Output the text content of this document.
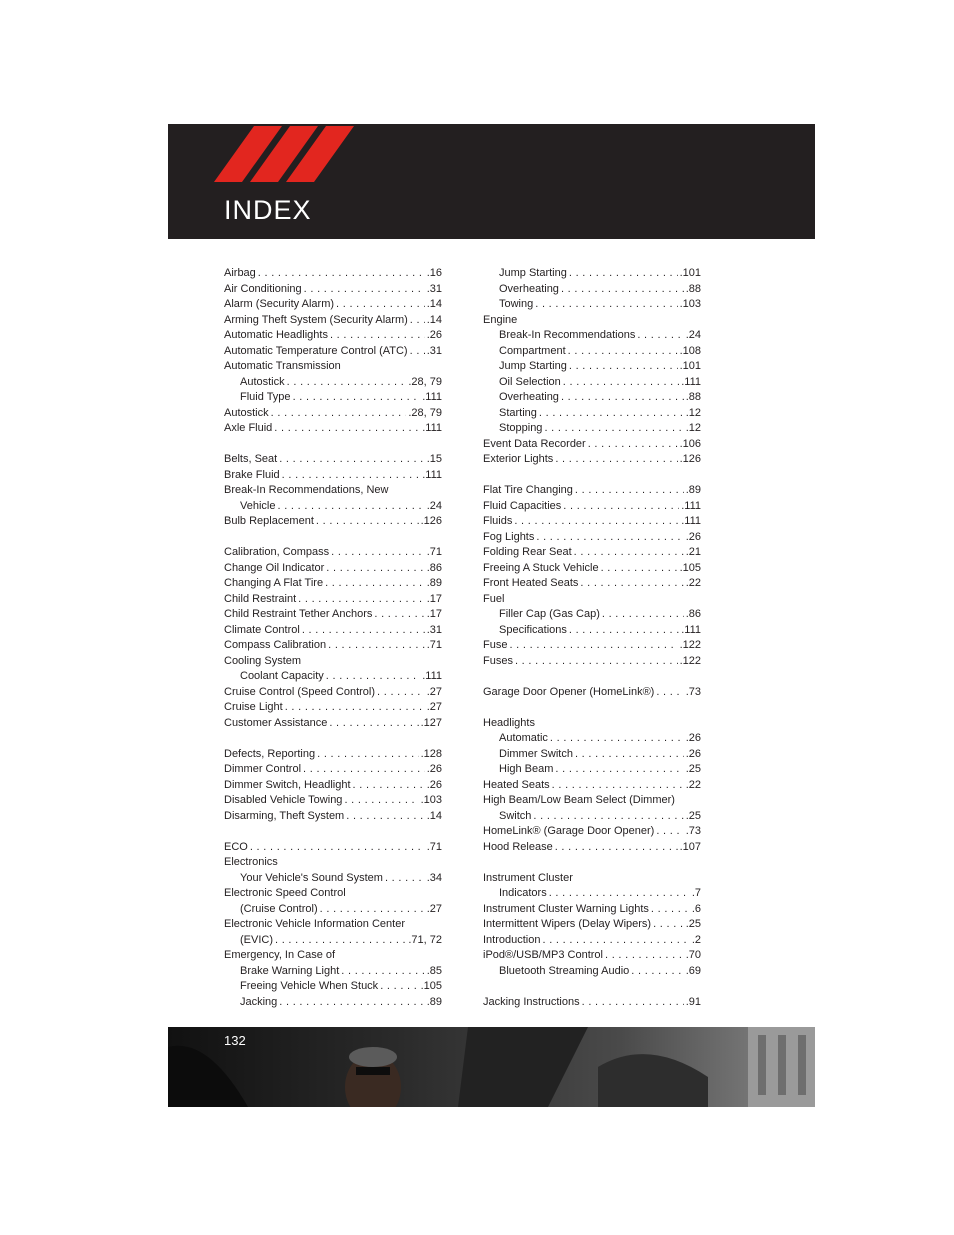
INDEX
Airbag . . .	.16
Air Conditioning . . .	.31
Alarm (Security Alarm) . . .	.14
Arming Theft System (Security Alarm) . . . .14
Automatic Headlights . . .	.26
Automatic Temperature Control (ATC) . . . .31
Automatic Transmission
Autostick . . .	.28, 79
Fluid Type . . .	.111
Autostick . . .	.28, 79
Axle Fluid . . .	.111
Belts, Seat . . .	.15
Brake Fluid . . .	.111
Break-In Recommendations, New
Vehicle . . .	.24
Bulb Replacement . . .	.126
Calibration, Compass . . .	.71
Change Oil Indicator . . .	.86
Changing A Flat Tire . . .	.89
Child Restraint . . .	.17
Child Restraint Tether Anchors . . .	.17
Climate Control . . .	.31
Compass Calibration . . .	.71
Cooling System
Coolant Capacity . . .	.111
Cruise Control (Speed Control) . . .	.27
Cruise Light . . .	.27
Customer Assistance . . .	.127
Defects, Reporting . . .	.128
Dimmer Control . . .	.26
Dimmer Switch, Headlight . . .	.26
Disabled Vehicle Towing . . .	.103
Disarming, Theft System . . .	.14
ECO . . .	.71
Electronics
Your Vehicle's Sound System . . .	.34
Electronic Speed Control
(Cruise Control) . . .	.27
Electronic Vehicle Information Center
(EVIC) . . .	.71, 72
Emergency, In Case of
Brake Warning Light . . .	.85
Freeing Vehicle When Stuck . . .	.105
Jacking . . .	.89
Jump Starting . . .	.101
Overheating . . .	.88
Towing . . .	.103
Engine
Break-In Recommendations . . .	.24
Compartment . . .	.108
Jump Starting . . .	.101
Oil Selection . . .	.111
Overheating . . .	.88
Starting . . .	.12
Stopping . . .	.12
Event Data Recorder . . .	.106
Exterior Lights . . .	.126
Flat Tire Changing . . .	.89
Fluid Capacities . . .	.111
Fluids . . .	.111
Fog Lights . . .	.26
Folding Rear Seat . . .	.21
Freeing A Stuck Vehicle . . .	.105
Front Heated Seats . . .	.22
Fuel
Filler Cap (Gas Cap) . . .	.86
Specifications . . .	.111
Fuse . . .	.122
Fuses . . .	.122
Garage Door Opener (HomeLink®) . . .	.73
Headlights
Automatic . . .	.26
Dimmer Switch . . .	.26
High Beam . . .	.25
Heated Seats . . .	.22
High Beam/Low Beam Select (Dimmer)
Switch . . .	.25
HomeLink® (Garage Door Opener) . . .	.73
Hood Release . . .	.107
Instrument Cluster
Indicators . . .	.7
Instrument Cluster Warning Lights . . .	.6
Intermittent Wipers (Delay Wipers) . . .	.25
Introduction . . .	.2
iPod®/USB/MP3 Control . . .	.70
Bluetooth Streaming Audio . . .	.69
Jacking Instructions . . .	.91
132
